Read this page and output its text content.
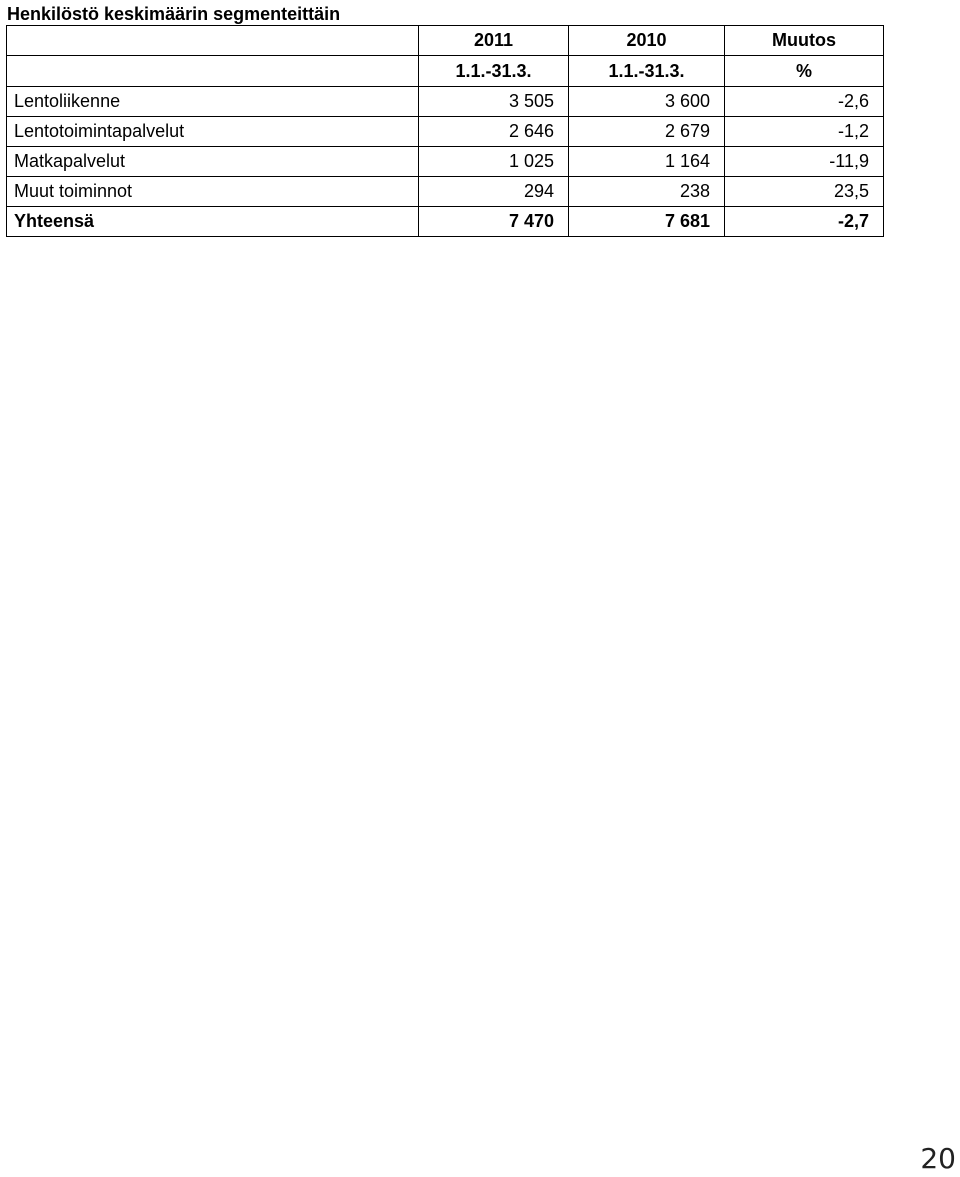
Henkilöstö keskimäärin segmenteittäin
	2011	2010	Muutos
	1.1.-31.3.	1.1.-31.3.	%
Lentoliikenne	3 505	3 600	-2,6
Lentotoimintapalvelut	2 646	2 679	-1,2
Matkapalvelut	1 025	1 164	-11,9
Muut toiminnot	294	238	23,5
Yhteensä	7 470	7 681	-2,7
20
